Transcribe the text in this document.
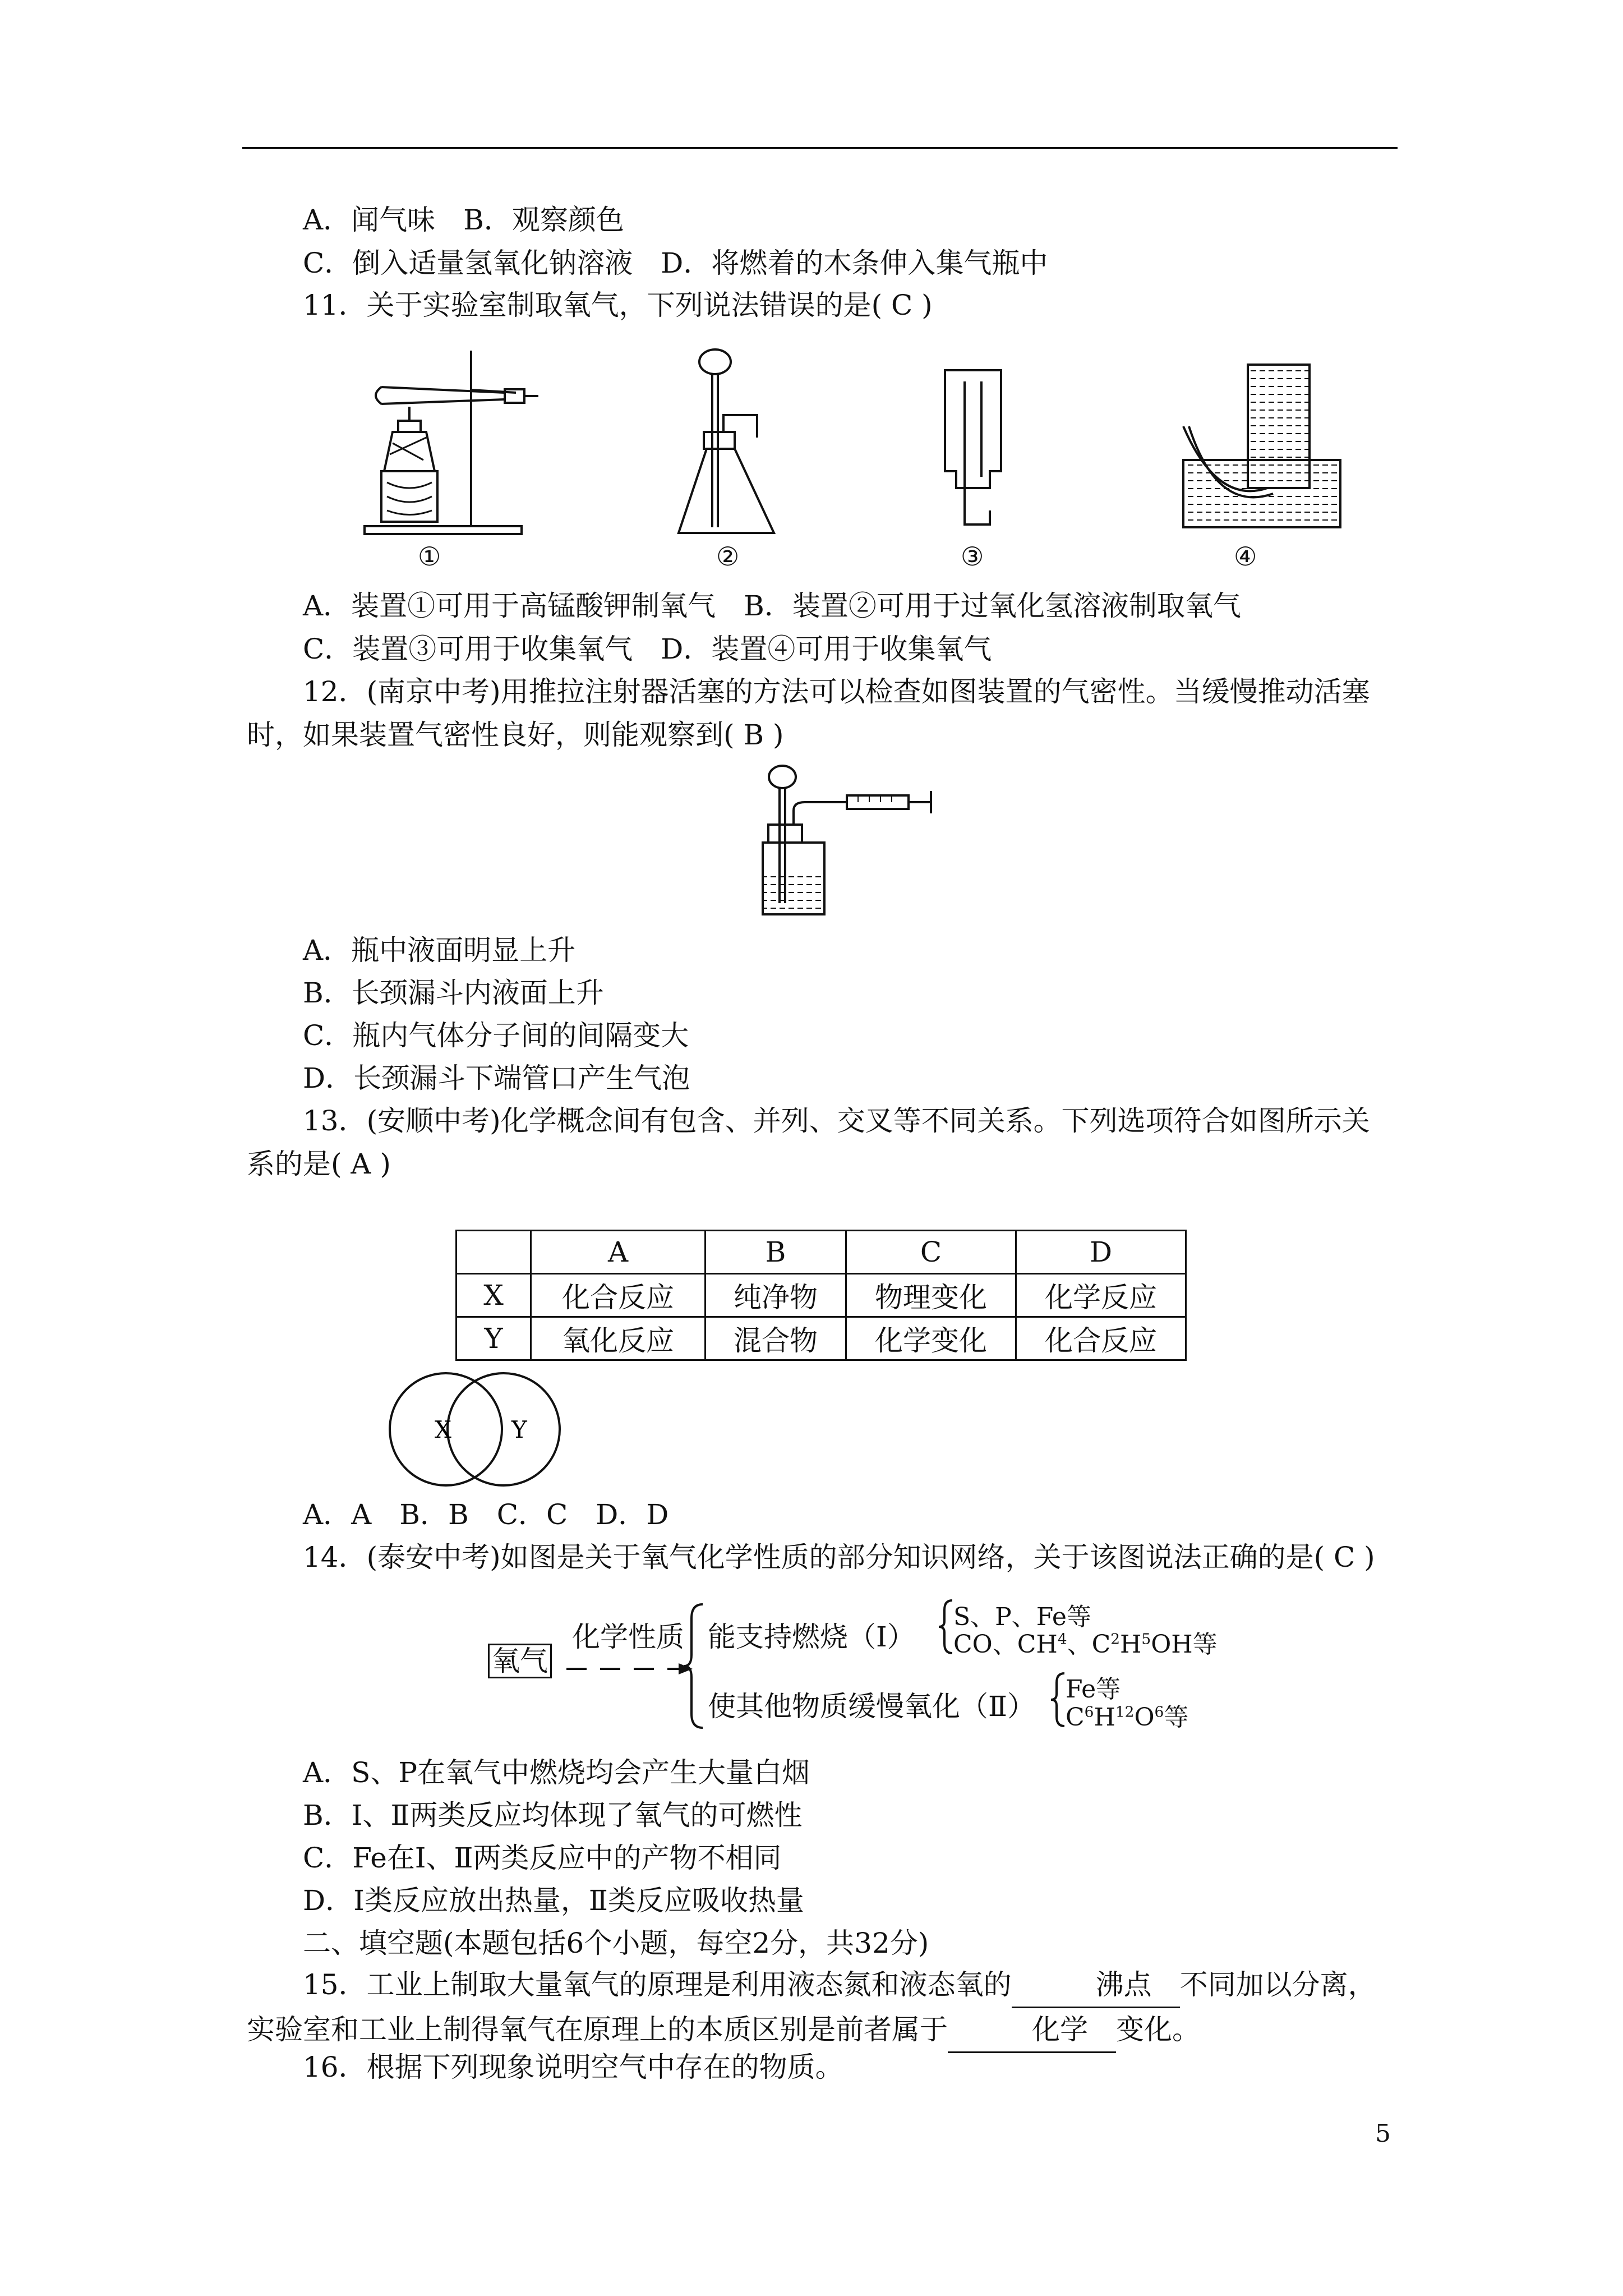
A．闻气味　B．观察颜色
C．倒入适量氢氧化钠溶液　D．将燃着的木条伸入集气瓶中
11．关于实验室制取氧气，下列说法错误的是( C )
①	②	③	④
A．装置①可用于高锰酸钾制氧气　B．装置②可用于过氧化氢溶液制取氧气
C．装置③可用于收集氧气　D．装置④可用于收集氧气
12．(南京中考)用推拉注射器活塞的方法可以检查如图装置的气密性。当缓慢推动活塞时，如果装置气密性良好，则能观察到( B )
A．瓶中液面明显上升
B．长颈漏斗内液面上升
C．瓶内气体分子间的间隔变大
D．长颈漏斗下端管口产生气泡
13．(安顺中考)化学概念间有包含、并列、交叉等不同关系。下列选项符合如图所示关系的是( A )
	A	B	C	D
X	化合反应	纯净物	物理变化	化学反应
Y	氧化反应	混合物	化学变化	化合反应
X	Y
A．A　B．B　C．C　D．D
14．(泰安中考)如图是关于氧气化学性质的部分知识网络，关于该图说法正确的是( C )
氧气
化学性质 能支持燃烧（Ⅰ）
S、P、Fe等
CO、$CH^4$、$C^2H^5OH$等
使其他物质缓慢氧化（Ⅱ）
Fe等
$C^6H^{12}O^6$等
A．S、P在氧气中燃烧均会产生大量白烟
B．Ⅰ、Ⅱ两类反应均体现了氧气的可燃性
C．Fe在Ⅰ、Ⅱ两类反应中的产物不相同
D．Ⅰ类反应放出热量，Ⅱ类反应吸收热量
二、填空题(本题包括6个小题，每空2分，共32分)
15．工业上制取大量氧气的原理是利用液态氮和液态氧的	沸点 不同加以分离，实验室和工业上制得氧气在原理上的本质区别是前者属于	化学 变化。
16．根据下列现象说明空气中存在的物质。
5
